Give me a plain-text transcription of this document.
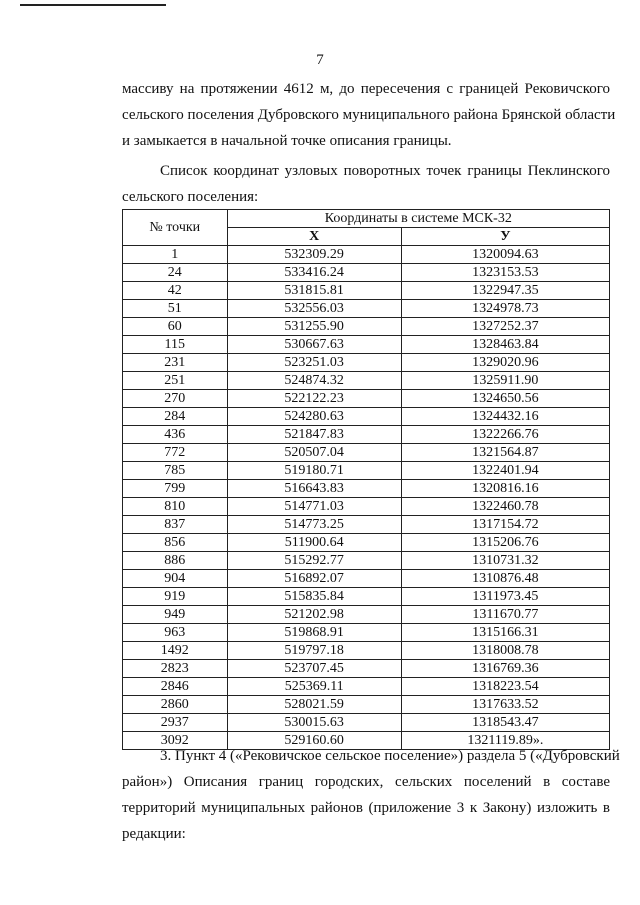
7
массиву на протяжении 4612 м, до пересечения с границей Рековичского
сельского поселения Дубровского муниципального района Брянской области
и замыкается в начальной точке описания границы.
Список координат узловых поворотных точек границы Пеклинского
сельского поселения:
№ точки	Координаты в системе МСК-32	
	Х	У
1	532309.29	1320094.63
24	533416.24	1323153.53
42	531815.81	1322947.35
51	532556.03	1324978.73
60	531255.90	1327252.37
115	530667.63	1328463.84
231	523251.03	1329020.96
251	524874.32	1325911.90
270	522122.23	1324650.56
284	524280.63	1324432.16
436	521847.83	1322266.76
772	520507.04	1321564.87
785	519180.71	1322401.94
799	516643.83	1320816.16
810	514771.03	1322460.78
837	514773.25	1317154.72
856	511900.64	1315206.76
886	515292.77	1310731.32
904	516892.07	1310876.48
919	515835.84	1311973.45
949	521202.98	1311670.77
963	519868.91	1315166.31
1492	519797.18	1318008.78
2823	523707.45	1316769.36
2846	525369.11	1318223.54
2860	528021.59	1317633.52
2937	530015.63	1318543.47
3092	529160.60	1321119.89».
3. Пункт 4 («Рековичское сельское поселение») раздела 5 («Дубровский
район») Описания границ городских, сельских поселений в составе
территорий муниципальных районов (приложение 3 к Закону) изложить в
редакции:
